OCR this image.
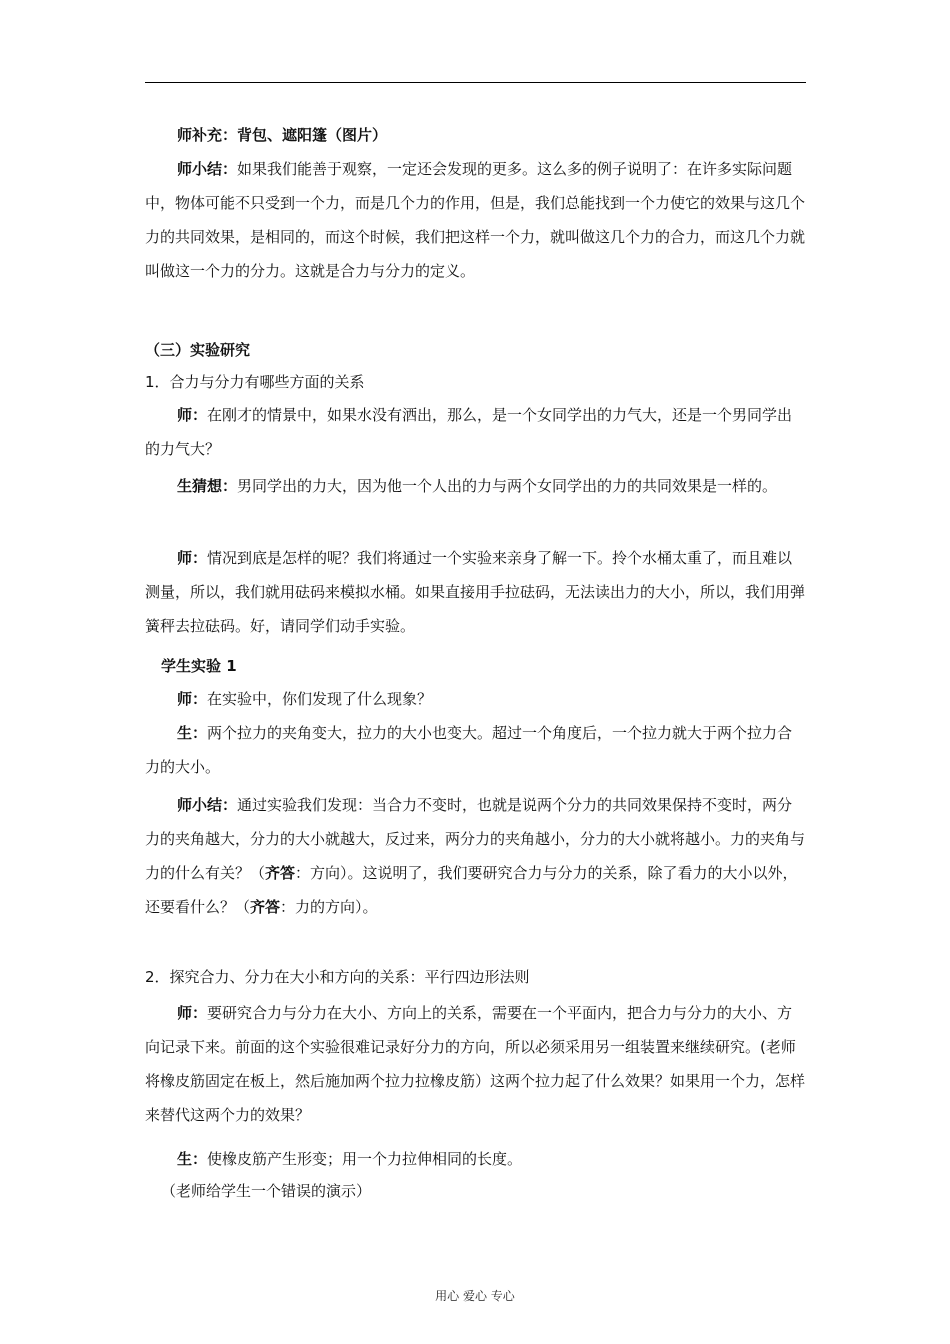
师补充：背包、遮阳篷（图片）

师小结：如果我们能善于观察，一定还会发现的更多。这么多的例子说明了：在许多实际问题中，物体可能不只受到一个力，而是几个力的作用，但是，我们总能找到一个力使它的效果与这几个力的共同效果，是相同的，而这个时候，我们把这样一个力，就叫做这几个力的合力，而这几个力就叫做这一个力的分力。这就是合力与分力的定义。

（三）实验研究

1．合力与分力有哪些方面的关系

师：在刚才的情景中，如果水没有洒出，那么，是一个女同学出的力气大，还是一个男同学出的力气大？

生猜想：男同学出的力大，因为他一个人出的力与两个女同学出的力的共同效果是一样的。

师：情况到底是怎样的呢？我们将通过一个实验来亲身了解一下。拎个水桶太重了，而且难以测量，所以，我们就用砝码来模拟水桶。如果直接用手拉砝码，无法读出力的大小，所以，我们用弹簧秤去拉砝码。好，请同学们动手实验。

学生实验 1

师：在实验中，你们发现了什么现象？

生：两个拉力的夹角变大，拉力的大小也变大。超过一个角度后，一个拉力就大于两个拉力合力的大小。

师小结：通过实验我们发现：当合力不变时，也就是说两个分力的共同效果保持不变时，两分力的夹角越大，分力的大小就越大，反过来，两分力的夹角越小，分力的大小就将越小。力的夹角与力的什么有关？（齐答：方向）。这说明了，我们要研究合力与分力的关系，除了看力的大小以外，还要看什么？（齐答：力的方向）。

2．探究合力、分力在大小和方向的关系：平行四边形法则

师：要研究合力与分力在大小、方向上的关系，需要在一个平面内，把合力与分力的大小、方向记录下来。前面的这个实验很难记录好分力的方向，所以必须采用另一组装置来继续研究。(老师将橡皮筋固定在板上，然后施加两个拉力拉橡皮筋）这两个拉力起了什么效果？如果用一个力，怎样来替代这两个力的效果？

生：使橡皮筋产生形变；用一个力拉伸相同的长度。

（老师给学生一个错误的演示）

用心 爱心 专心
